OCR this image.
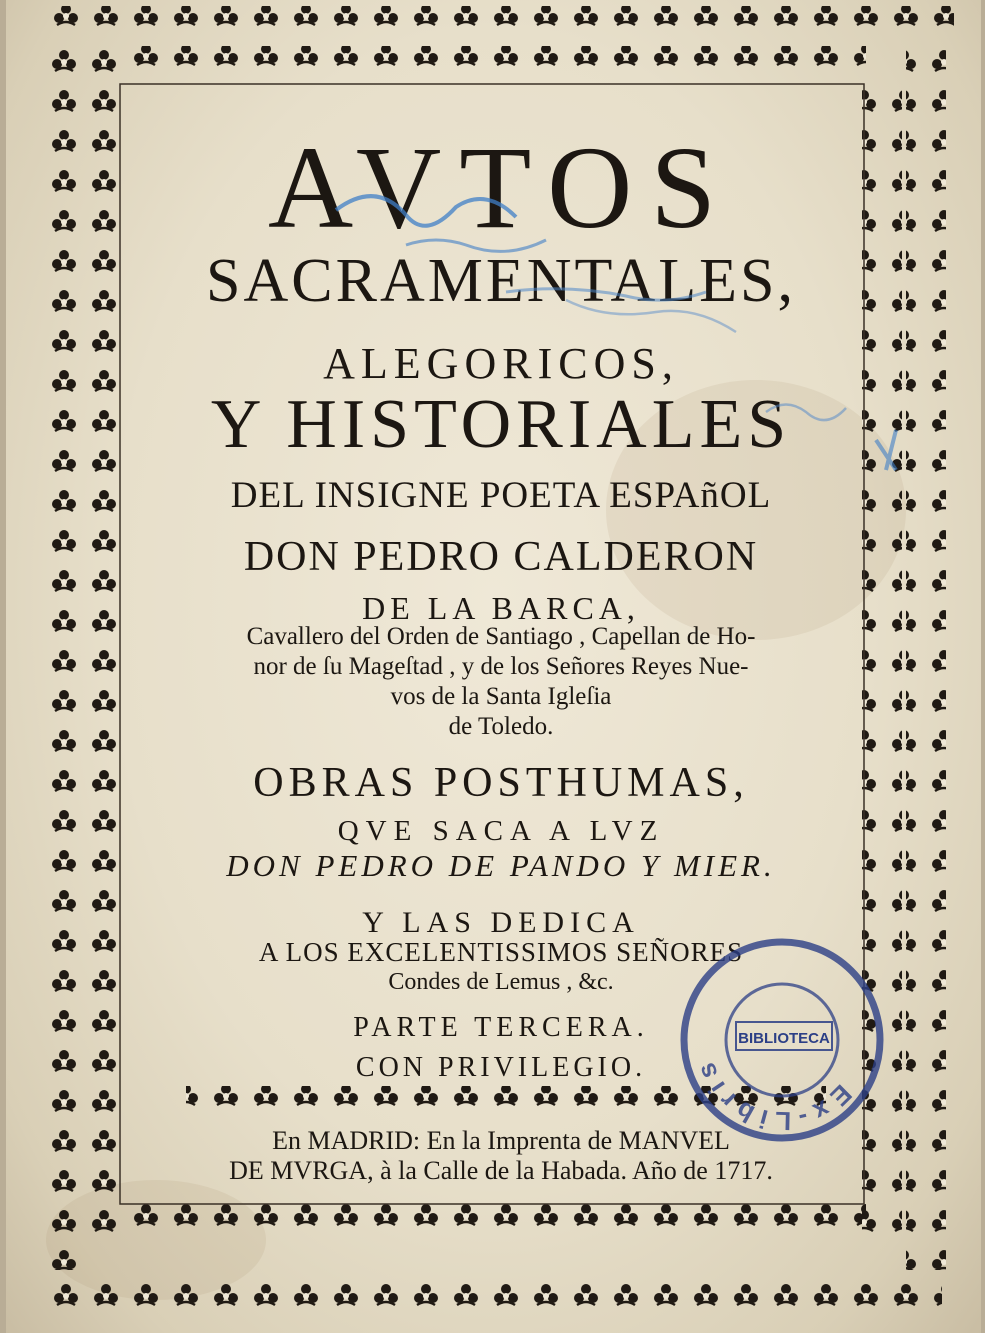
AVTOS
SACRAMENTALES,
ALEGORICOS,
Y HISTORIALES
DEL INSIGNE POETA ESPAñOL
DON PEDRO CALDERON
DE LA BARCA,
Cavallero del Orden de Santiago , Capellan de Ho-
nor de ſu Mageſtad , y de los Señores Reyes Nue-
vos de la Santa Igleſia
de Toledo.
OBRAS POSTHUMAS,
QVE SACA A LVZ
DON PEDRO DE PANDO Y MIER.
Y LAS DEDICA
A LOS EXCELENTISSIMOS SEÑORES
Condes de Lemus , &c.
PARTE TERCERA.
CON PRIVILEGIO.
En MADRID: En la Imprenta de MANVEL
DE MVRGA, à la Calle de la Habada. Año de 1717.
Ex-Libris
BIBLIOTECA
